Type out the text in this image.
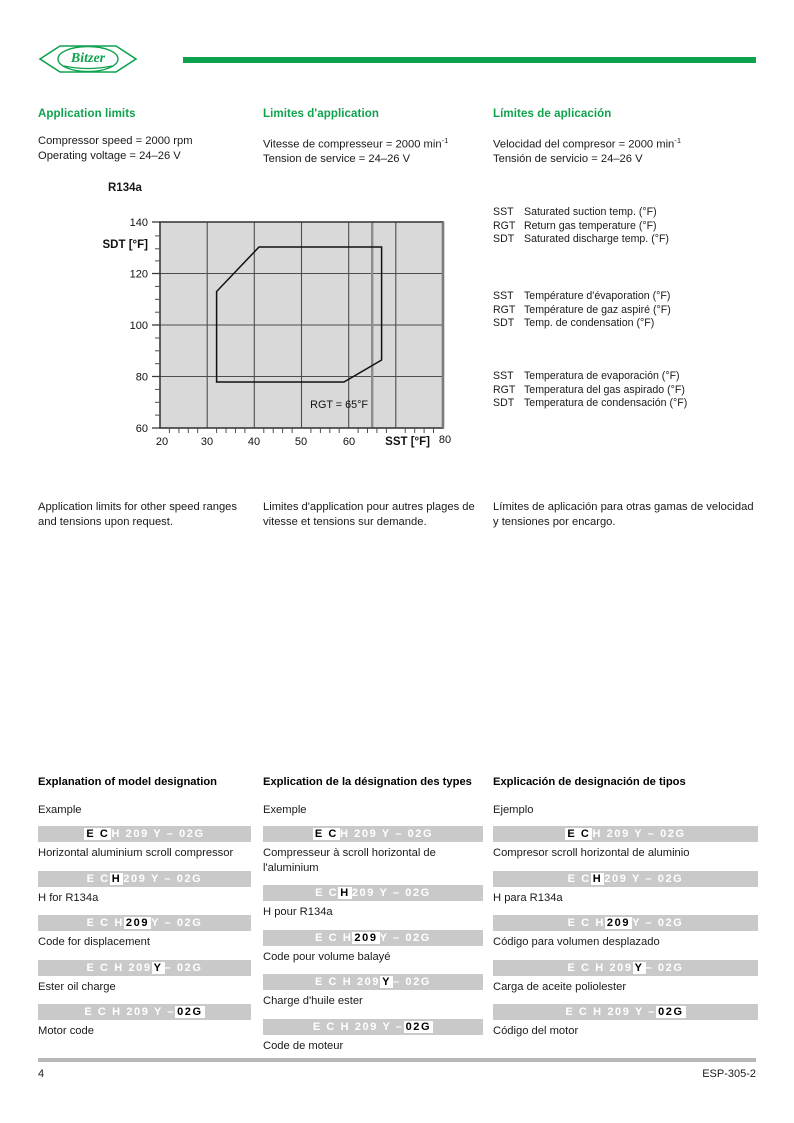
Bitzer
Application limits
Compressor speed = 2000 rpm
Operating voltage = 24–26 V
Limites d'application
Vitesse de compresseur = 2000 $\min^{-1}$
Tension de service = 24–26 V
Límites de aplicación
Velocidad del compresor = 2000 $\min^{-1}$
Tensión de servicio = 24–26 V
R134a
140
120
100
80
60
20	30	40	50	60	80
SDT [°F]
SST [°F]
RGT = 65°F
SST Saturated suction temp. (°F)
RGT Return gas temperature (°F)
SDT Saturated discharge temp. (°F)
SST Température d'évaporation (°F)
RGT Température de gaz aspiré (°F)
SDT Temp. de condensation (°F)
SST Temperatura de evaporación (°F)
RGT Temperatura del gas aspirado (°F)
SDT Temperatura de condensación (°F)
Application limits for other speed ranges and tensions upon request.
Limites d'application pour autres plages de vitesse et tensions sur demande.
Límites de aplicación para otras gamas de velocidad y tensiones por encargo.
Explanation of model designation
Example
E C H 209 Y – 02G
Horizontal aluminium scroll compressor
E C H 209 Y – 02G
H for R134a
E C H 209 Y – 02G
Code for displacement
E C H 209 Y – 02G
Ester oil charge
E C H 209 Y – 02G
Motor code
Explication de la désignation des types
Exemple
E C H 209 Y – 02G
Compresseur à scroll horizontal de l'aluminium
E C H 209 Y – 02G
H pour R134a
E C H 209 Y – 02G
Code pour volume balayé
E C H 209 Y – 02G
Charge d'huile ester
E C H 209 Y – 02G
Code de moteur
Explicación de designación de tipos
Ejemplo
E C H 209 Y – 02G
Compresor scroll horizontal de aluminio
E C H 209 Y – 02G
H para R134a
E C H 209 Y – 02G
Código para volumen desplazado
E C H 209 Y – 02G
Carga de aceite poliolester
E C H 209 Y – 02G
Código del motor
4	ESP-305-2
